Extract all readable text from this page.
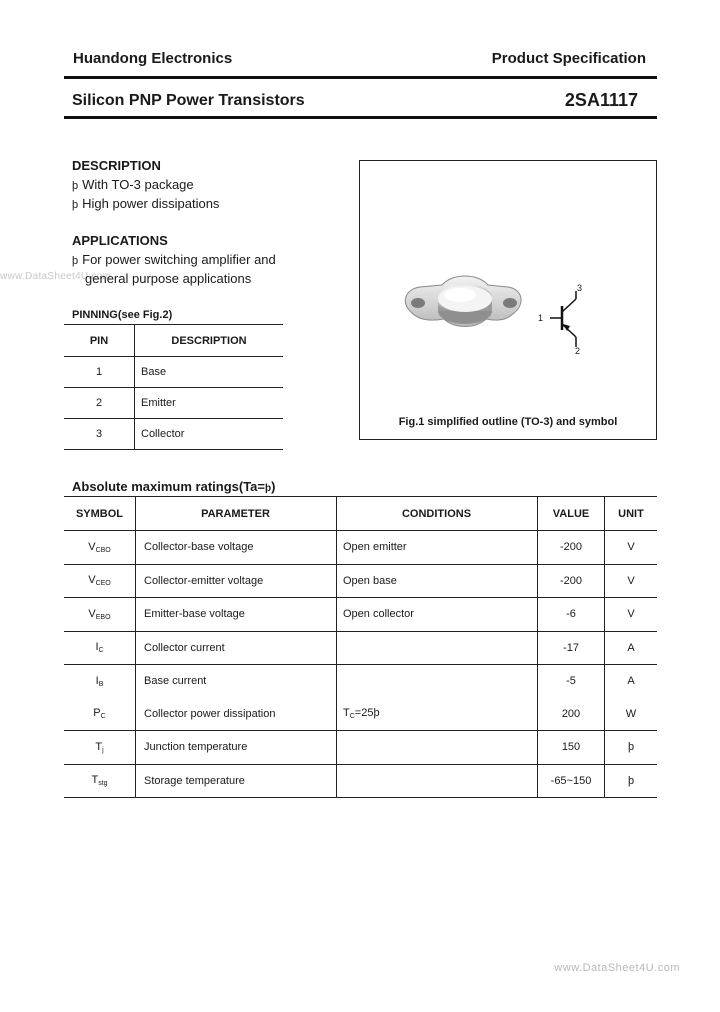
Huandong Electronics	Product Specification
Silicon PNP Power Transistors	2SA1117
www.DataSheet4U.com
DESCRIPTION
þ With TO-3 package
þ High power dissipations
APPLICATIONS
þ For power switching amplifier and
general purpose applications
PINNING(see Fig.2)
PIN	DESCRIPTION
1	Base
2	Emitter
3	Collector
1
3
2
Fig.1 simplified outline (TO-3) and symbol
Absolute maximum ratings(Ta=þ)
SYMBOL	PARAMETER	CONDITIONS	VALUE	UNIT
$V_{CBO}$	Collector-base voltage	Open emitter	-200	V
$V_{CEO}$	Collector-emitter voltage	Open base	-200	V
$V_{EBO}$	Emitter-base voltage	Open collector	-6	V
$I_C$	Collector current		-17	A
$I_B$	Base current		-5	A
$P_C$	Collector power dissipation	$T_C=25þ$	200	W
$T_j$	Junction temperature		150	þ
$T_{stg}$	Storage temperature		-65~150	þ
www.DataSheet4U.com
